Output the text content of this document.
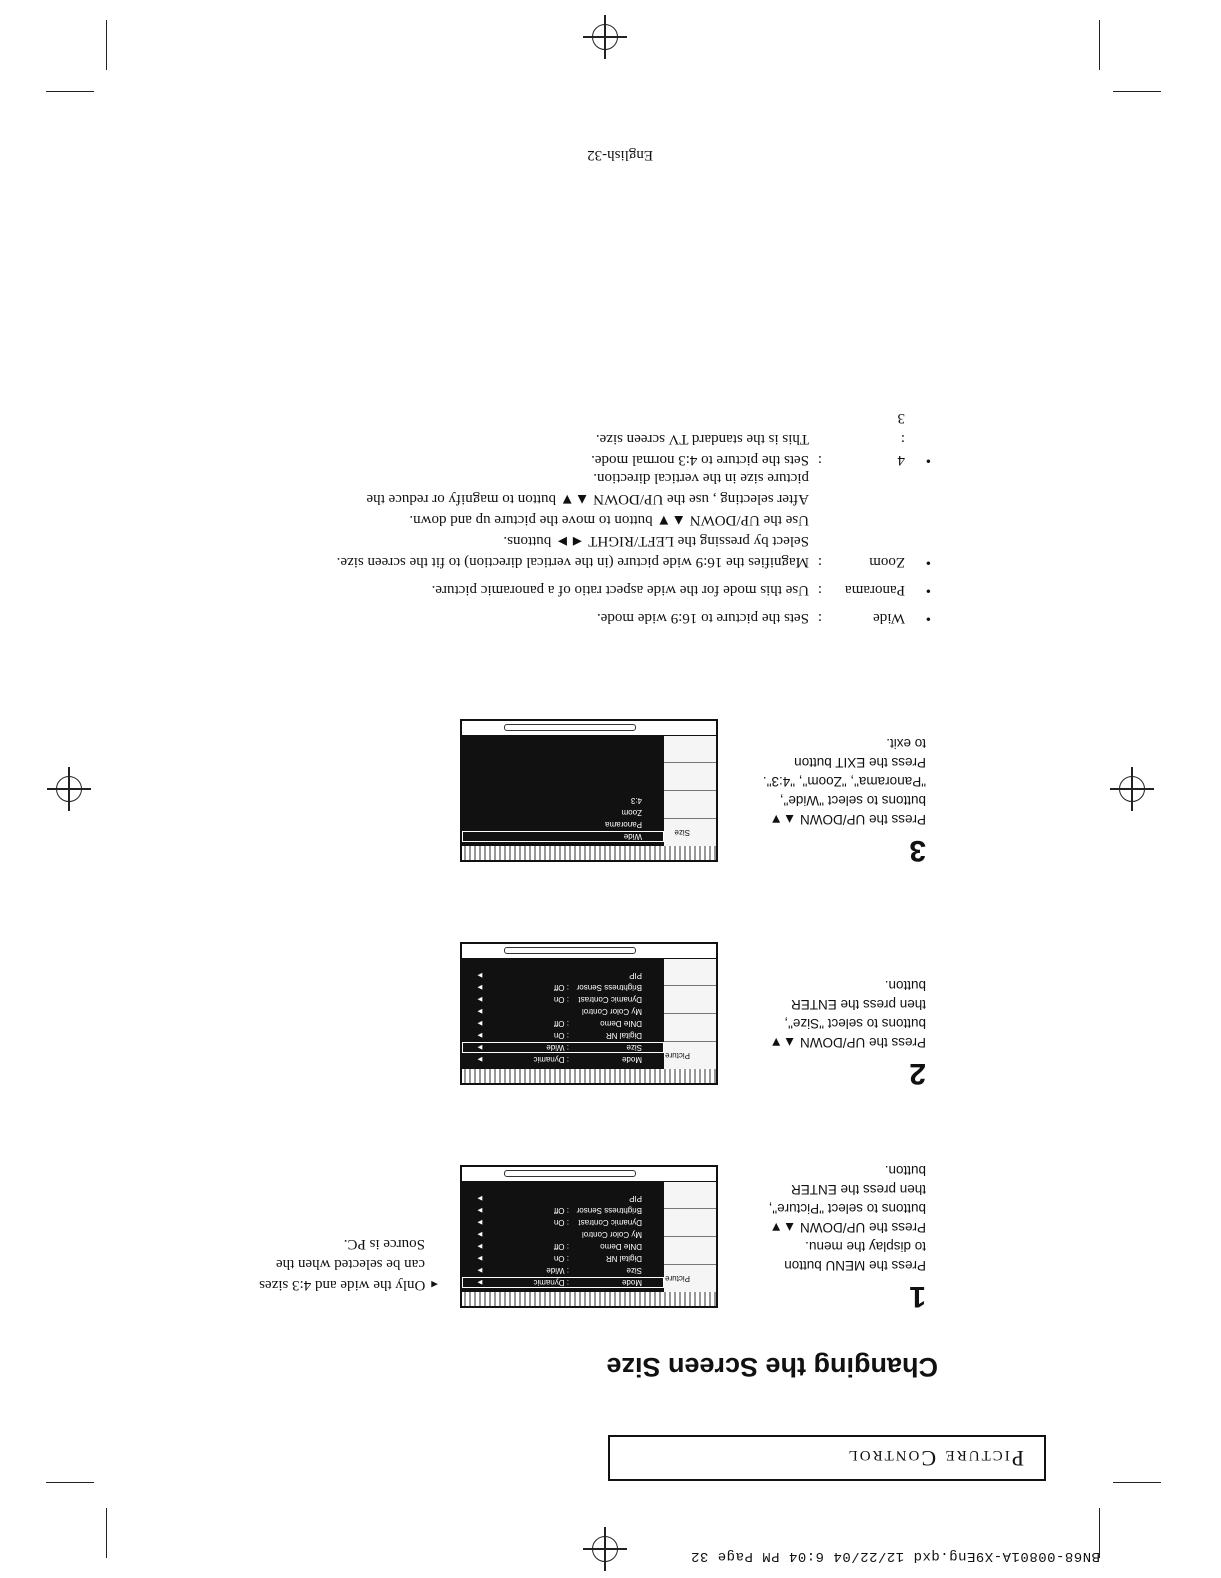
BN68-00801A-X9Eng.qxd 12/22/04 6:04 PM Page 32
Picture Control
Changing the Screen Size
◄ Only the wide and 4:3 sizes
can be selected when the
Source is PC.
1
Press the MENU button
to display the menu.
Press the UP/DOWN ▲▼
buttons to select "Picture",
then press the ENTER
button.
Picture
Mode
: Dynamic
►
Size
: Wide
►
Digital NR
: On
►
DNIe Demo
: Off
►
My Color Control
►
Dynamic Contrast
: On
►
Brightness Sensor
: Off
►
PIP
►
2
Press the UP/DOWN ▲▼
buttons to select "Size",
then press the ENTER
button.
Picture
Mode
: Dynamic
►
Size
: Wide
►
Digital NR
: On
►
DNIe Demo
: Off
►
My Color Control
►
Dynamic Contrast
: On
►
Brightness Sensor
: Off
►
PIP
►
3
Press the UP/DOWN ▲▼
buttons to select "Wide",
"Panorama", "Zoom", "4:3".
Press the EXIT button
to exit.
Size
Wide
Panorama
Zoom
4:3
•
Wide
:
Sets the picture to 16:9 wide mode.
•
Panorama
:
Use this mode for the wide aspect ratio of a panoramic picture.
•
Zoom
:
Magnifies the 16:9 wide picture (in the vertical direction) to fit the screen size.
Select by pressing the LEFT/RIGHT ◄► buttons.
Use the UP/DOWN ▲▼ button to move the picture up and down.
After selecting , use the UP/DOWN ▲▼ button to magnify or reduce the
picture size in the vertical direction.
•
4 : 3
:
Sets the picture to 4:3 normal mode.
This is the standard TV screen size.
English-32
